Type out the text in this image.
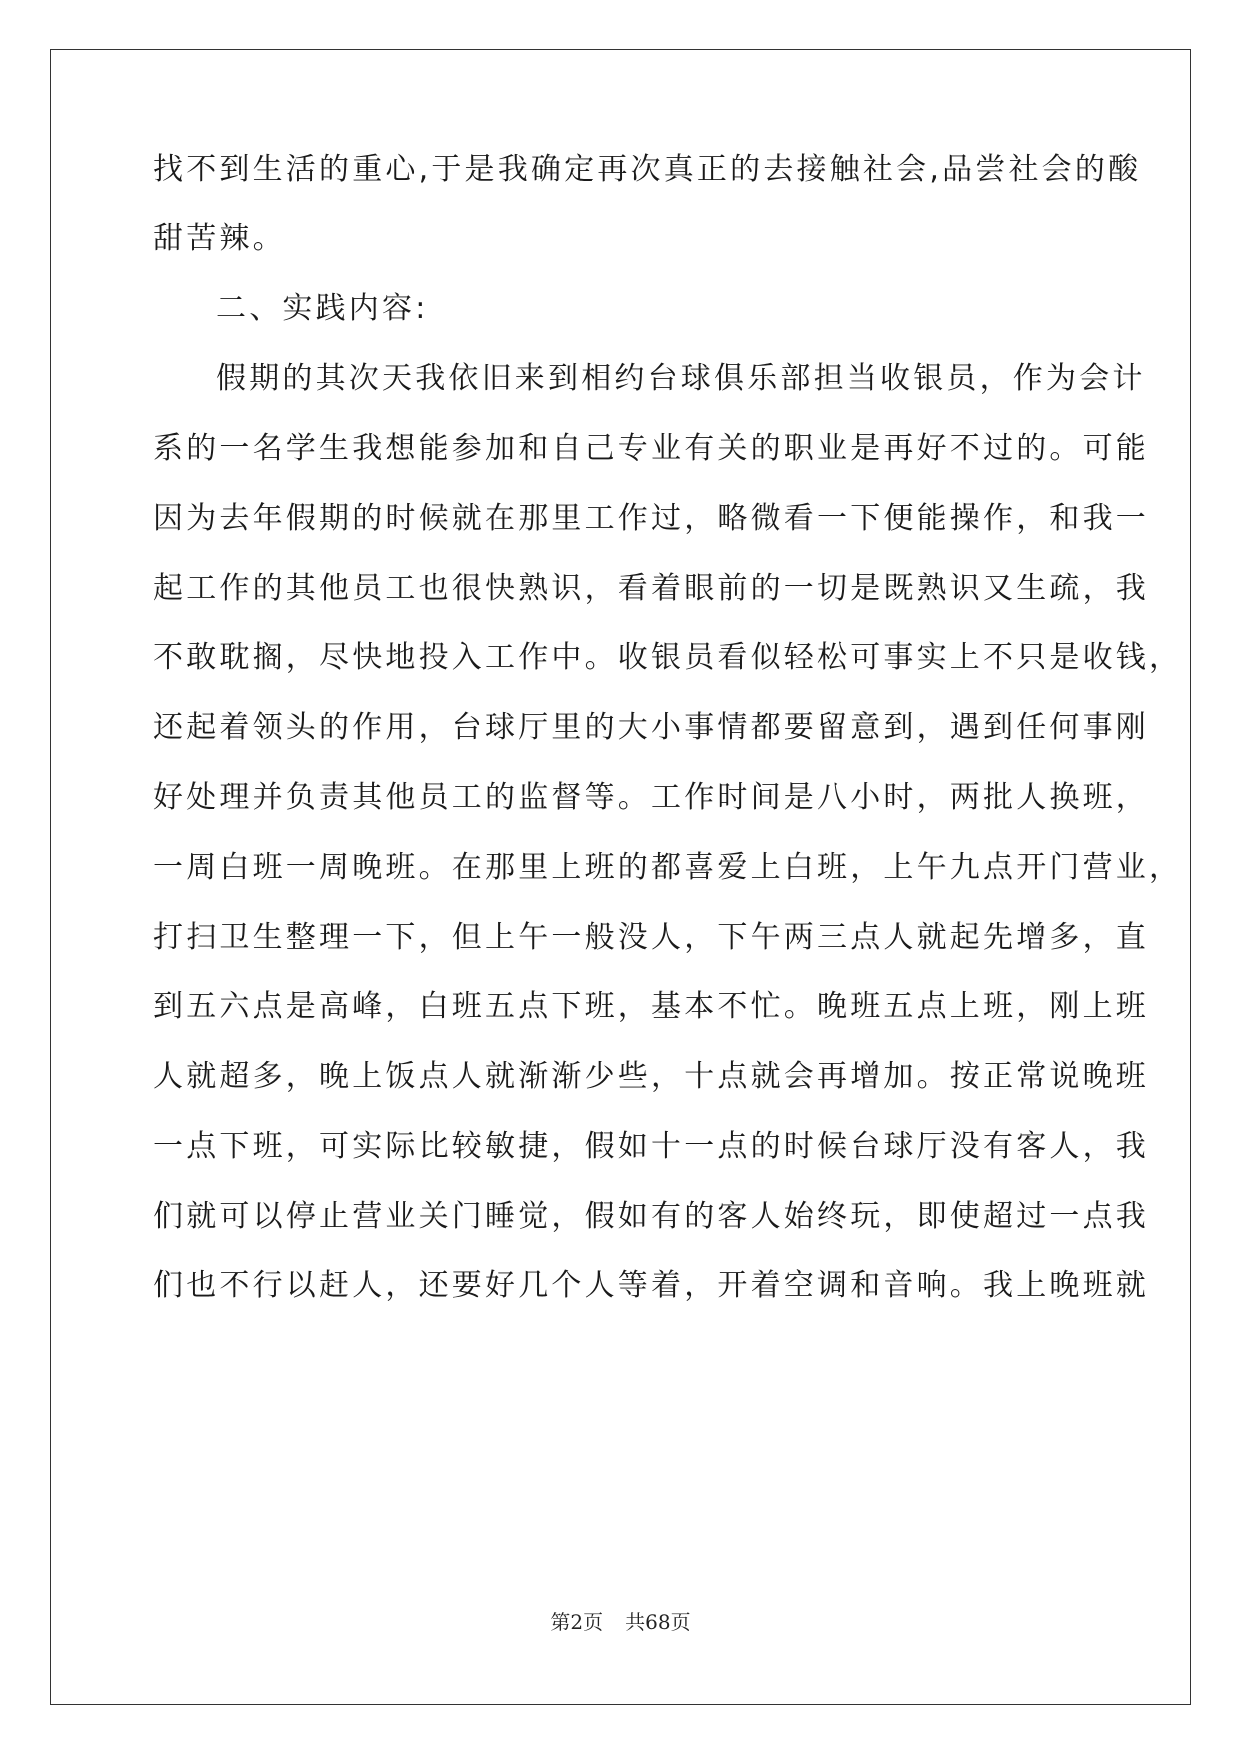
找不到生活的重心,于是我确定再次真正的去接触社会,品尝社会的酸

甜苦辣。

二、实践内容:

假期的其次天我依旧来到相约台球俱乐部担当收银员，作为会计

系的一名学生我想能参加和自己专业有关的职业是再好不过的。可能

因为去年假期的时候就在那里工作过，略微看一下便能操作，和我一

起工作的其他员工也很快熟识，看着眼前的一切是既熟识又生疏，我

不敢耽搁，尽快地投入工作中。收银员看似轻松可事实上不只是收钱，

还起着领头的作用，台球厅里的大小事情都要留意到，遇到任何事刚

好处理并负责其他员工的监督等。工作时间是八小时，两批人换班，

一周白班一周晚班。在那里上班的都喜爱上白班，上午九点开门营业，

打扫卫生整理一下，但上午一般没人，下午两三点人就起先增多，直

到五六点是高峰，白班五点下班，基本不忙。晚班五点上班，刚上班

人就超多，晚上饭点人就渐渐少些，十点就会再增加。按正常说晚班

一点下班，可实际比较敏捷，假如十一点的时候台球厅没有客人，我

们就可以停止营业关门睡觉，假如有的客人始终玩，即使超过一点我

们也不行以赶人，还要好几个人等着，开着空调和音响。我上晚班就

第2页 共68页
